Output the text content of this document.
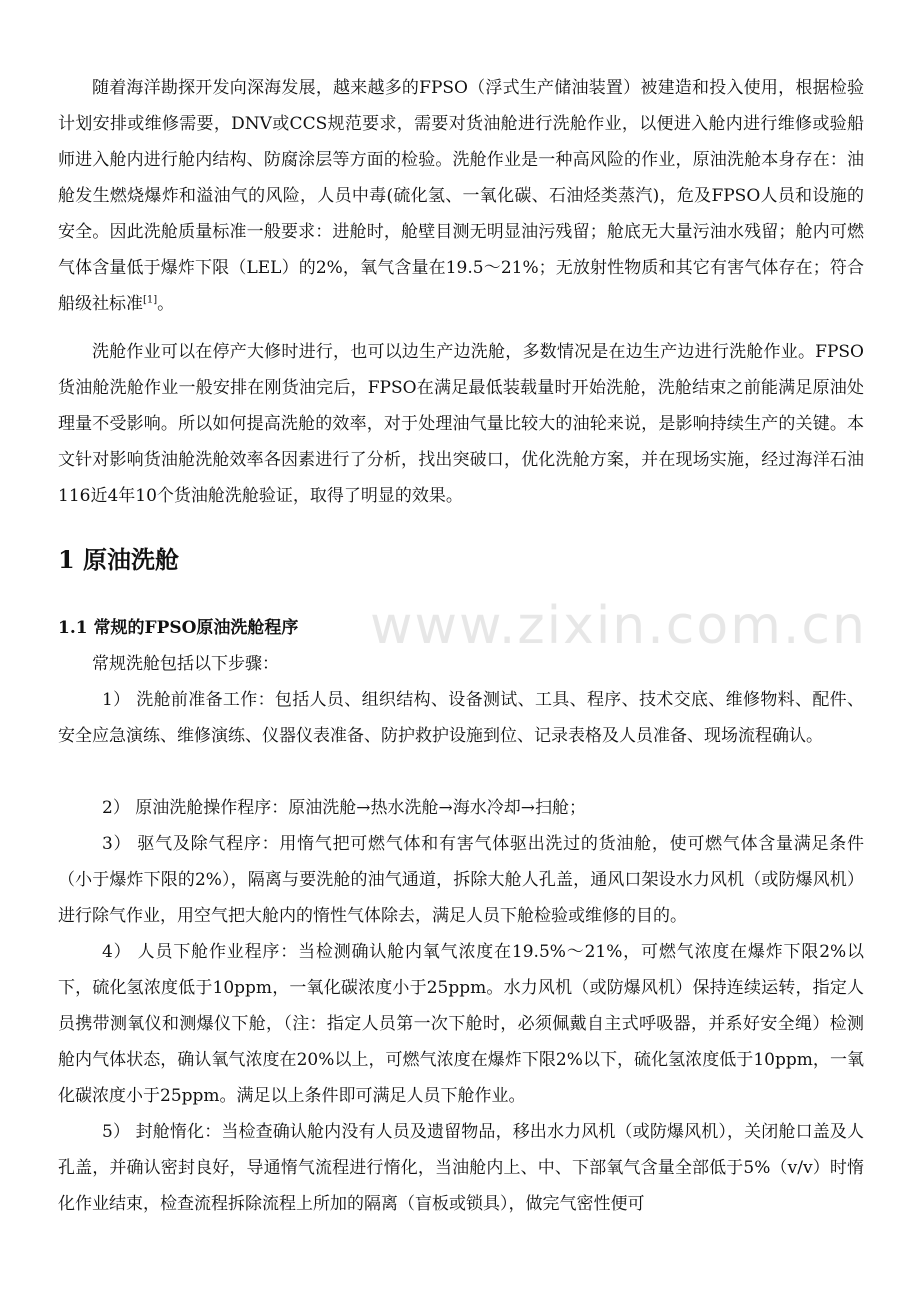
随着海洋勘探开发向深海发展，越来越多的FPSO（浮式生产储油装置）被建造和投入使用，根据检验计划安排或维修需要，DNV或CCS规范要求，需要对货油舱进行洗舱作业，以便进入舱内进行维修或验船师进入舱内进行舱内结构、防腐涂层等方面的检验。洗舱作业是一种高风险的作业，原油洗舱本身存在：油舱发生燃烧爆炸和溢油气的风险，人员中毒(硫化氢、一氧化碳、石油烃类蒸汽)，危及FPSO人员和设施的安全。因此洗舱质量标准一般要求：进舱时，舱壁目测无明显油污残留；舱底无大量污油水残留；舱内可燃气体含量低于爆炸下限（LEL）的2%，氧气含量在19.5～21%；无放射性物质和其它有害气体存在；符合船级社标准[1]。

洗舱作业可以在停产大修时进行，也可以边生产边洗舱，多数情况是在边生产边进行洗舱作业。FPSO货油舱洗舱作业一般安排在刚货油完后，FPSO在满足最低装载量时开始洗舱，洗舱结束之前能满足原油处理量不受影响。所以如何提高洗舱的效率，对于处理油气量比较大的油轮来说，是影响持续生产的关键。本文针对影响货油舱洗舱效率各因素进行了分析，找出突破口，优化洗舱方案，并在现场实施，经过海洋石油116近4年10个货油舱洗舱验证，取得了明显的效果。

1 原油洗舱
1.1 常规的FPSO原油洗舱程序

常规洗舱包括以下步骤：

1） 洗舱前准备工作：包括人员、组织结构、设备测试、工具、程序、技术交底、维修物料、配件、安全应急演练、维修演练、仪器仪表准备、防护救护设施到位、记录表格及人员准备、现场流程确认。

2） 原油洗舱操作程序：原油洗舱→热水洗舱→海水冷却→扫舱；

3） 驱气及除气程序：用惰气把可燃气体和有害气体驱出洗过的货油舱，使可燃气体含量满足条件（小于爆炸下限的2%），隔离与要洗舱的油气通道，拆除大舱人孔盖，通风口架设水力风机（或防爆风机）进行除气作业，用空气把大舱内的惰性气体除去，满足人员下舱检验或维修的目的。

4） 人员下舱作业程序：当检测确认舱内氧气浓度在19.5%～21%，可燃气浓度在爆炸下限2%以下，硫化氢浓度低于10ppm，一氧化碳浓度小于25ppm。水力风机（或防爆风机）保持连续运转，指定人员携带测氧仪和测爆仪下舱，（注：指定人员第一次下舱时，必须佩戴自主式呼吸器，并系好安全绳）检测舱内气体状态，确认氧气浓度在20%以上，可燃气浓度在爆炸下限2%以下，硫化氢浓度低于10ppm，一氧化碳浓度小于25ppm。满足以上条件即可满足人员下舱作业。

5） 封舱惰化：当检查确认舱内没有人员及遗留物品，移出水力风机（或防爆风机），关闭舱口盖及人孔盖，并确认密封良好，导通惰气流程进行惰化，当油舱内上、中、下部氧气含量全部低于5%（v/v）时惰化作业结束，检查流程拆除流程上所加的隔离（盲板或锁具），做完气密性便可

www.zixin.com.cn
